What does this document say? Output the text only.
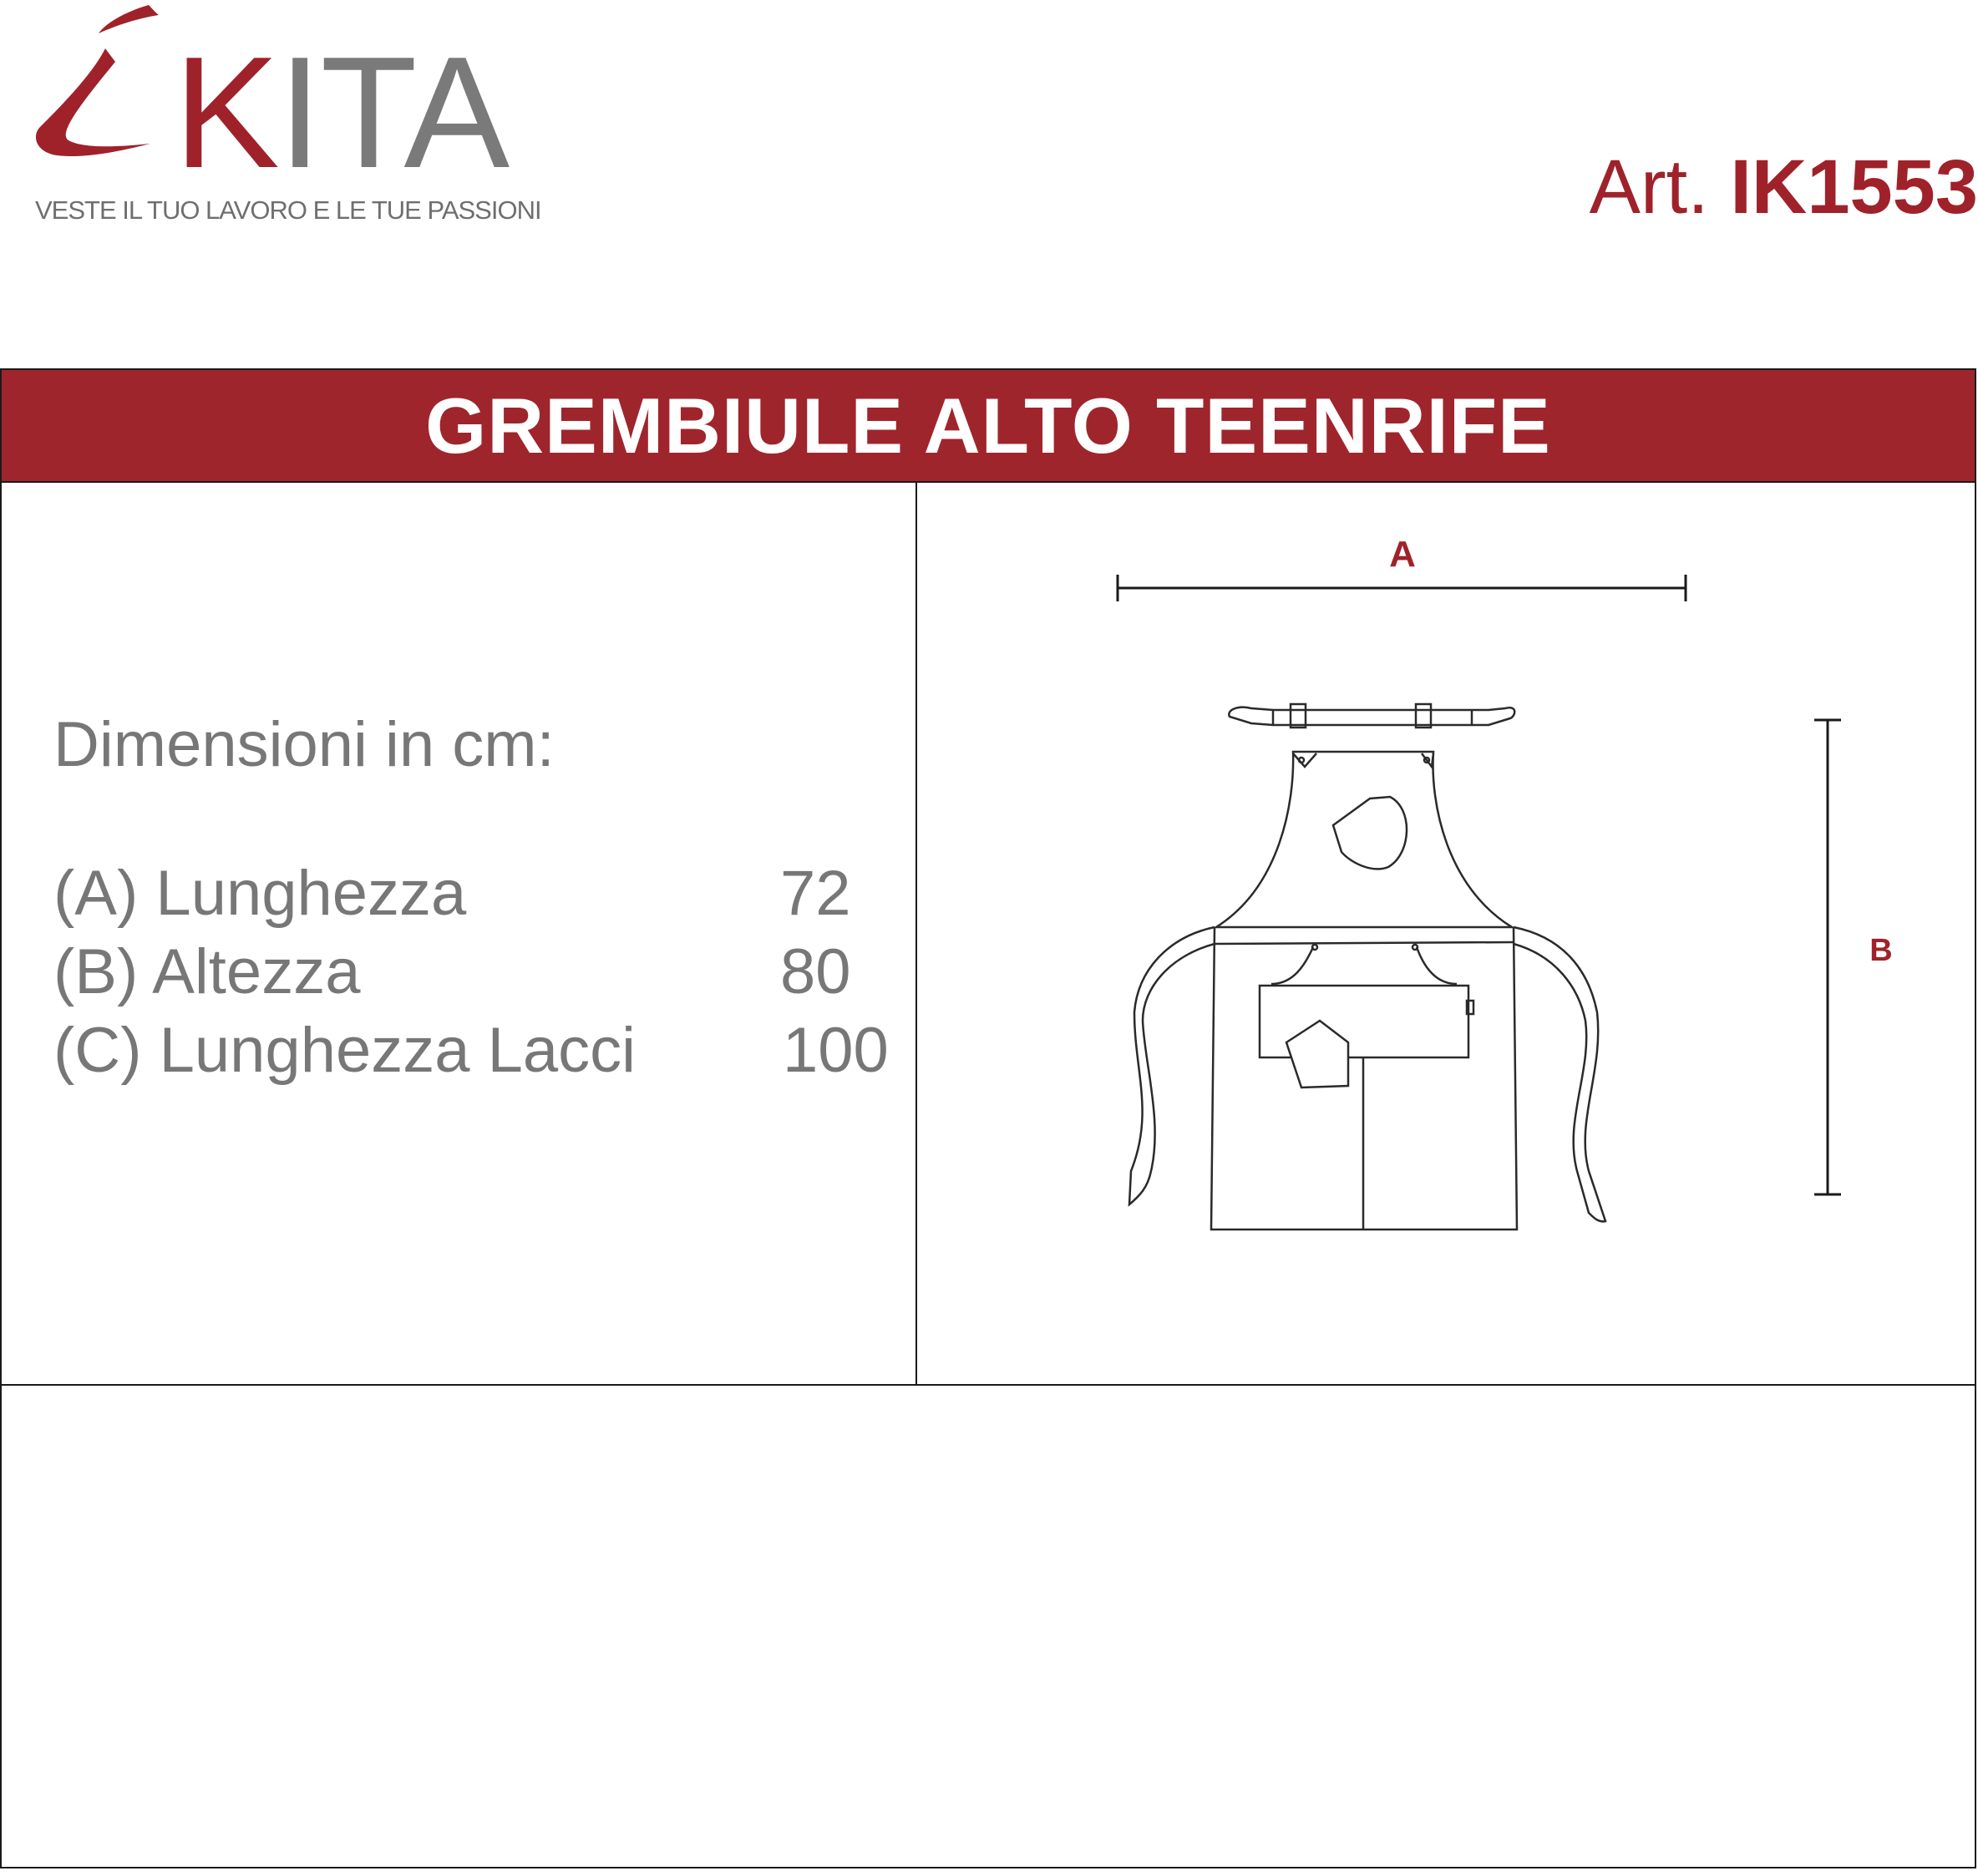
KITA
VESTE IL TUO LAVORO E LE TUE PASSIONI	Art. IK1553
GREMBIULE ALTO TEENRIFE
Dimensioni in cm:
(A) Lunghezza	72
(B) Altezza	80
(C) Lunghezza Lacci 100
A
B
